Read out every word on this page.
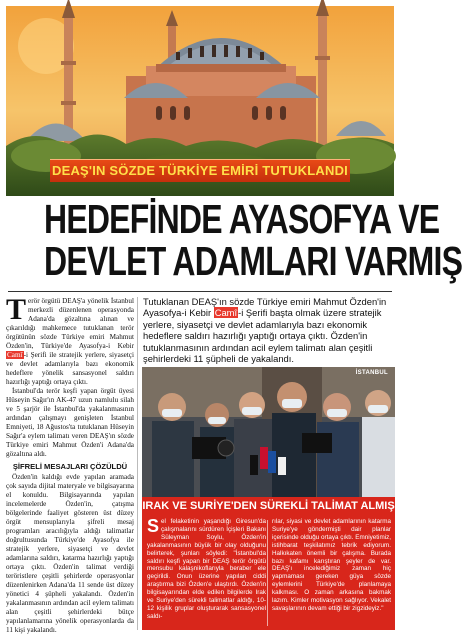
DEAŞ'IN SÖZDE TÜRKİYE EMİRİ TUTUKLANDI
HEDEFİNDE AYASOFYA VE
DEVLET ADAMLARI VARMIŞ

Terör örgütü DEAŞ'a yönelik İstanbul merkezli düzenlenen operasyonda Adana'da gözaltına alınan ve çıkarıldığı mahkemece tutuklanan terör örgütünün sözde Türkiye emiri Mahmut Özden'in, Türkiye'de Ayasofya-i Kebir Camî-i Şerifi ile stratejik yerlere, siyasetçi ve devlet adamlarıyla bazı ekonomik hedeflere yönelik sansasyonel saldırı hazırlığı yaptığı ortaya çıktı.

İstanbul'da terör keşfi yapan örgüt üyesi Hüseyin Sağır'ın AK-47 uzun namlulu silah ve 5 şarjör ile İstanbul'da yakalanmasının ardından çalışmayı genişleten İstanbul Emniyeti, 18 Ağustos'ta tutuklanan Hüseyin Sağır'a eylem talimatı veren DEAŞ'ın sözde Türkiye emiri Mahmut Özden'i Adana'da gözaltına aldı.

ŞİFRELİ MESAJLARI ÇÖZÜLDÜ

Özden'in kaldığı evde yapılan aramada çok sayıda dijital materyale ve bilgisayarına el konuldu. Bilgisayarında yapılan incelemelerde Özden'in, çatışma bölgelerinde faaliyet gösteren üst düzey örgüt mensuplarıyla şifreli mesaj programları aracılığıyla aldığı talimatlar doğrultusunda Türkiye'de Ayasofya ile stratejik yerlere, siyasetçi ve devlet adamlarına saldırı, katarma hazırlığı yaptığı ortaya çıktı. Özden'in talimat verdiği teröristlere çeşitli şehirlerde operasyonlar düzenlenirken Adana'da 11 sende üst düzey yönetici 4 şüpheli yakalandı. Özden'in yakalanmasının ardından acil eylem talimatı alan çeşitli şehirlerdeki bütçe yapılanlamarına yönelik operasyonlarda da 11 kişi yakalandı.

Tutuklanan DEAŞ'ın sözde Türkiye emiri Mahmut Özden'in Ayasofya-i Kebir Camî-i Şerifi başta olmak üzere stratejik yerlere, siyasetçi ve devlet adamlarıyla bazı ekonomik hedeflere saldırı hazırlığı yaptığı ortaya çıktı. Özden'in tutuklanmasının ardından acil eylem talimatı alan çeşitli şehirlerdeki 11 şüpheli de yakalandı.
İSTANBUL
IRAK VE SURİYE'DEN SÜREKLİ TALİMAT ALMIŞ
Sel felaketinin yaşandığı Giresun'da çalışmalarını sürdüren İçişleri Bakanı Süleyman Soylu, Özden'in yakalanmasının büyük bir olay olduğunu belirterek, şunları söyledi: "İstanbul'da saldırı keşfi yapan bir DEAŞ terör örgütü mensubu kalaşnikoflarıyla beraber ele geçirildi. Onun üzerine yapılan ciddi araştırma bizi Özden'e ulaştırdı. Özden'in bilgisayarından elde edilen bilgilerde Irak ve Suriye'den sürekli talimatlar aldığı, 10-12 kişilik gruplar oluşturarak sansasyonel saldı-
rılar, siyasi ve devlet adamlarının katarma Suriye'ye göndermişti dair planlar içerisinde olduğu ortaya çıktı. Emniyetimiz, istihbarat teşkilatımız tebrik ediyorum. Halkıkaten önemli bir çalışma. Burada bazı kafamı karıştıran şeyler de var. DEAŞ'ı incelediğimiz zaman hiç yapmaması gereken güya sözde eylemlerini Türkiye'de planlamaya kalkması. O zaman arkasına bakmak lazım. Kimler motivasyon sağlıyor. Vekalet savaşlarının devam ettiği bir zigzideyiz."
